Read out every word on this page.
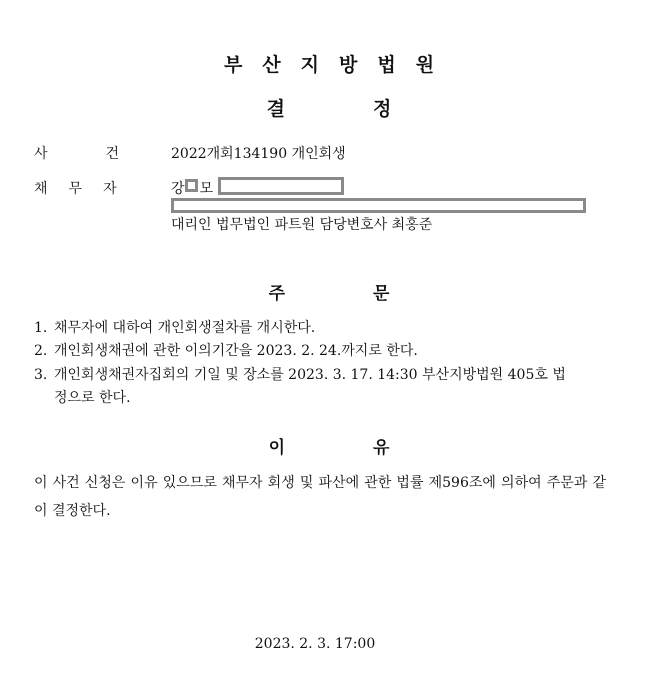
부산지방법원
결	정
사	건	2022개회134190 개인회생
채 무 자	강 모
대리인 법무법인 파트원 담당변호사 최홍준
주	문
1. 채무자에 대하여 개인회생절차를 개시한다.
2. 개인회생채권에 관한 이의기간을 2023. 2. 24.까지로 한다.
3. 개인회생채권자집회의 기일 및 장소를 2023. 3. 17. 14:30 부산지방법원 405호 법
정으로 한다.
이	유
이 사건 신청은 이유 있으므로 채무자 회생 및 파산에 관한 법률 제596조에 의하여 주문과 같이 결정한다.
2023. 2. 3. 17:00
